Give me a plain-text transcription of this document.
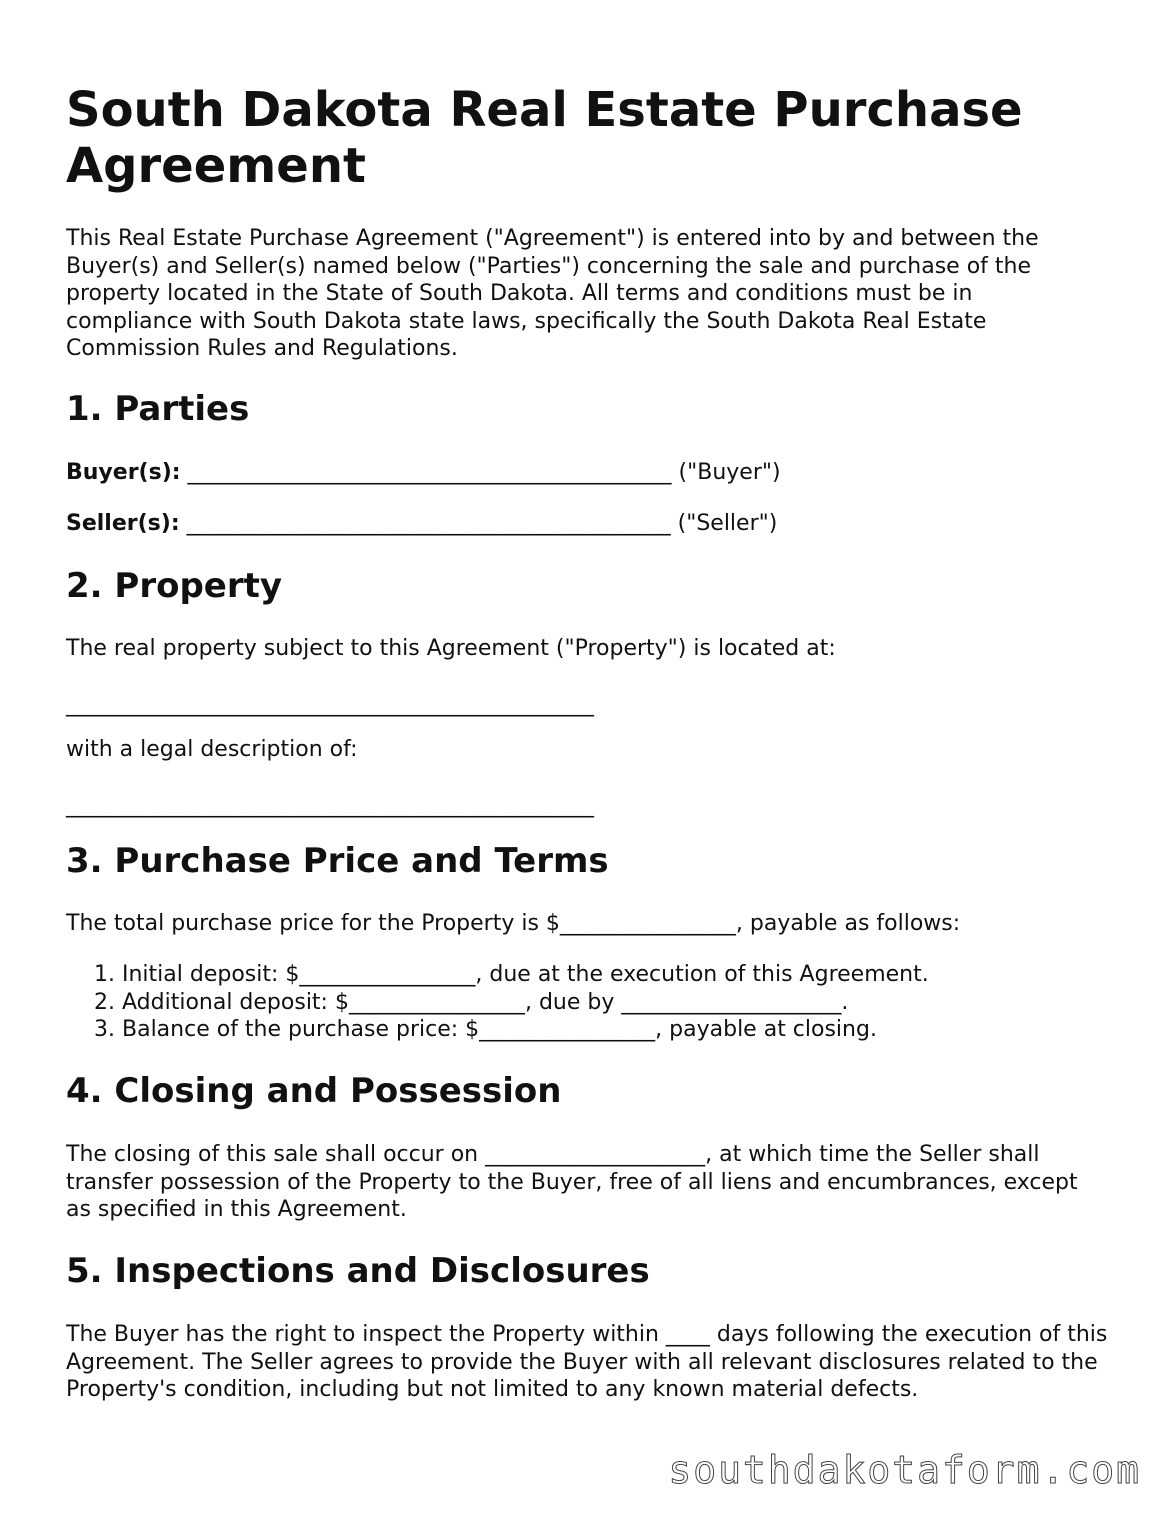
South Dakota Real Estate Purchase Agreement

This Real Estate Purchase Agreement ("Agreement") is entered into by and between the Buyer(s) and Seller(s) named below ("Parties") concerning the sale and purchase of the property located in the State of South Dakota. All terms and conditions must be in compliance with South Dakota state laws, specifically the South Dakota Real Estate Commission Rules and Regulations.

1. Parties

Buyer(s): ____________________________________________ ("Buyer")

Seller(s): ____________________________________________ ("Seller")

2. Property

The real property subject to this Agreement ("Property") is located at:

________________________________________________

with a legal description of:

________________________________________________

3. Purchase Price and Terms

The total purchase price for the Property is $________________, payable as follows:

1. Initial deposit: $________________, due at the execution of this Agreement.
2. Additional deposit: $________________, due by ____________________.
3. Balance of the purchase price: $________________, payable at closing.
4. Closing and Possession

The closing of this sale shall occur on ____________________, at which time the Seller shall transfer possession of the Property to the Buyer, free of all liens and encumbrances, except as specified in this Agreement.

5. Inspections and Disclosures

The Buyer has the right to inspect the Property within ____ days following the execution of this Agreement. The Seller agrees to provide the Buyer with all relevant disclosures related to the Property's condition, including but not limited to any known material defects.

southdakotaform.com
